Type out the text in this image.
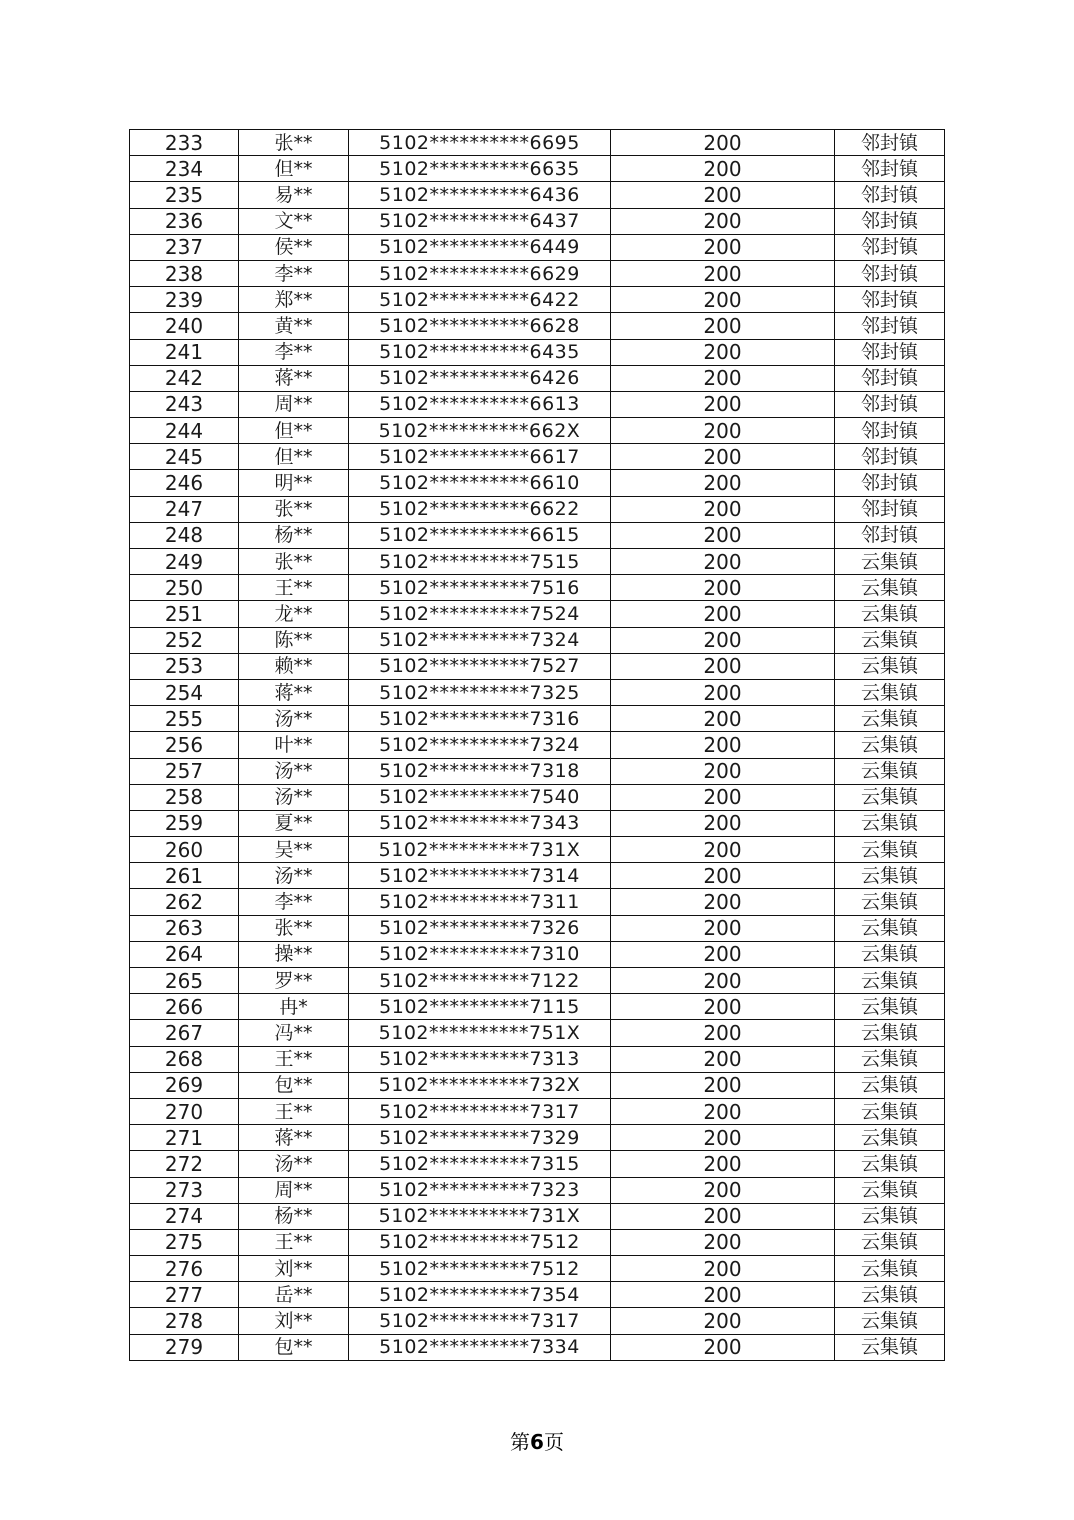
233	张**	5102**********6695	200	邻封镇
234	但**	5102**********6635	200	邻封镇
235	易**	5102**********6436	200	邻封镇
236	文**	5102**********6437	200	邻封镇
237	侯**	5102**********6449	200	邻封镇
238	李**	5102**********6629	200	邻封镇
239	郑**	5102**********6422	200	邻封镇
240	黄**	5102**********6628	200	邻封镇
241	李**	5102**********6435	200	邻封镇
242	蒋**	5102**********6426	200	邻封镇
243	周**	5102**********6613	200	邻封镇
244	但**	5102**********662X	200	邻封镇
245	但**	5102**********6617	200	邻封镇
246	明**	5102**********6610	200	邻封镇
247	张**	5102**********6622	200	邻封镇
248	杨**	5102**********6615	200	邻封镇
249	张**	5102**********7515	200	云集镇
250	王**	5102**********7516	200	云集镇
251	龙**	5102**********7524	200	云集镇
252	陈**	5102**********7324	200	云集镇
253	赖**	5102**********7527	200	云集镇
254	蒋**	5102**********7325	200	云集镇
255	汤**	5102**********7316	200	云集镇
256	叶**	5102**********7324	200	云集镇
257	汤**	5102**********7318	200	云集镇
258	汤**	5102**********7540	200	云集镇
259	夏**	5102**********7343	200	云集镇
260	吴**	5102**********731X	200	云集镇
261	汤**	5102**********7314	200	云集镇
262	李**	5102**********7311	200	云集镇
263	张**	5102**********7326	200	云集镇
264	操**	5102**********7310	200	云集镇
265	罗**	5102**********7122	200	云集镇
266	冉*	5102**********7115	200	云集镇
267	冯**	5102**********751X	200	云集镇
268	王**	5102**********7313	200	云集镇
269	包**	5102**********732X	200	云集镇
270	王**	5102**********7317	200	云集镇
271	蒋**	5102**********7329	200	云集镇
272	汤**	5102**********7315	200	云集镇
273	周**	5102**********7323	200	云集镇
274	杨**	5102**********731X	200	云集镇
275	王**	5102**********7512	200	云集镇
276	刘**	5102**********7512	200	云集镇
277	岳**	5102**********7354	200	云集镇
278	刘**	5102**********7317	200	云集镇
279	包**	5102**********7334	200	云集镇
第6页
